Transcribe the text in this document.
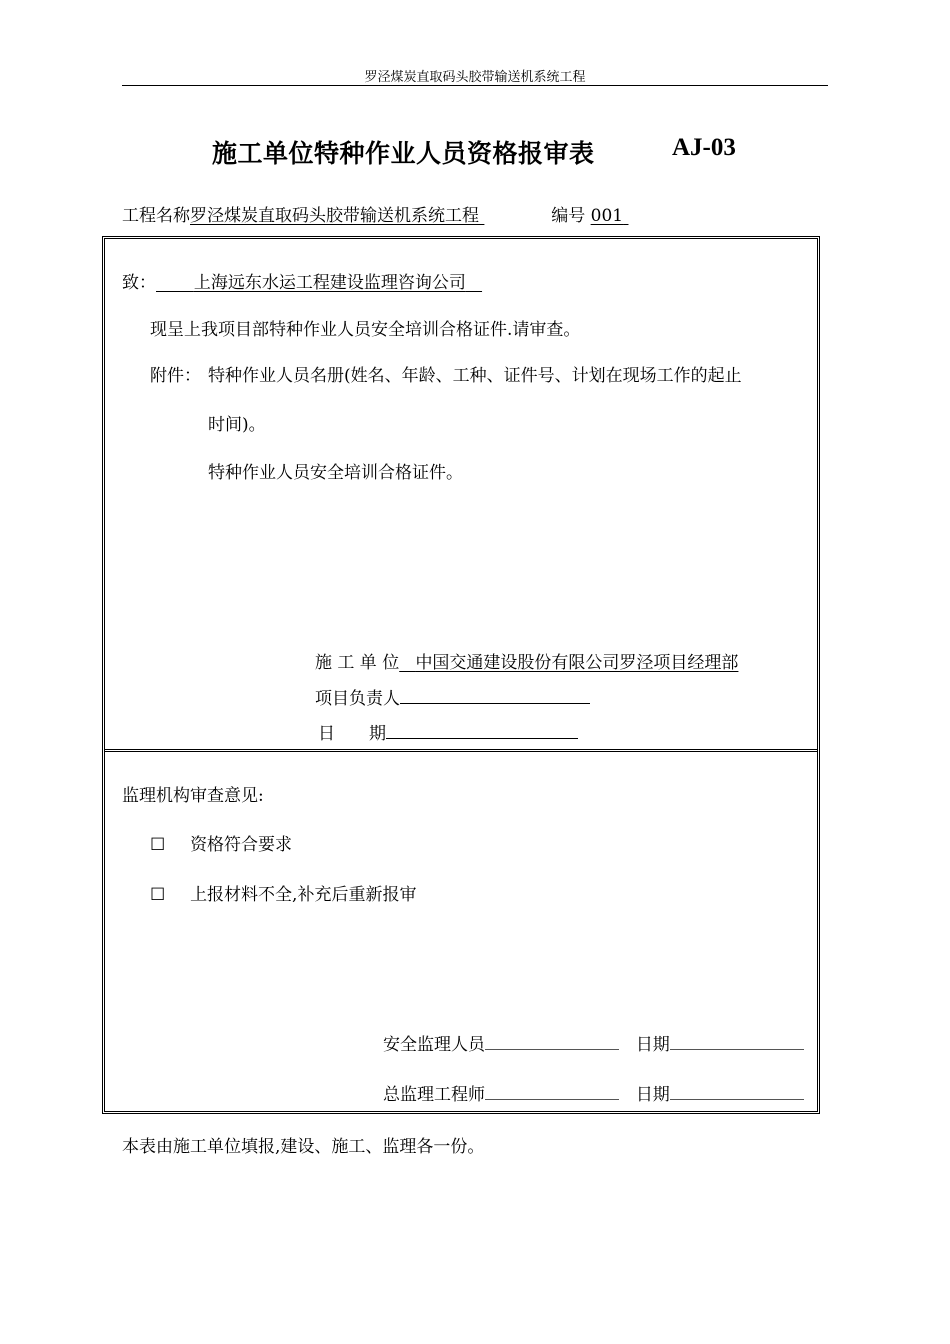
罗泾煤炭直取码头胶带输送机系统工程
施工单位特种作业人员资格报审表	AJ-03
工程名称罗泾煤炭直取码头胶带输送机系统工程	编号 001
致： 上海远东水运工程建设监理咨询公司
现呈上我项目部特种作业人员安全培训合格证件.请审查。
附件： 特种作业人员名册(姓名、年龄、工种、证件号、计划在现场工作的起止
时间)。
特种作业人员安全培训合格证件。
施 工 单 位 中国交通建设股份有限公司罗泾项目经理部
项目负责人
日　　期
监理机构审查意见:
☐ 资格符合要求
☐ 上报材料不全,补充后重新报审
安全监理人员	日期
总监理工程师	日期
本表由施工单位填报,建设、施工、监理各一份。
